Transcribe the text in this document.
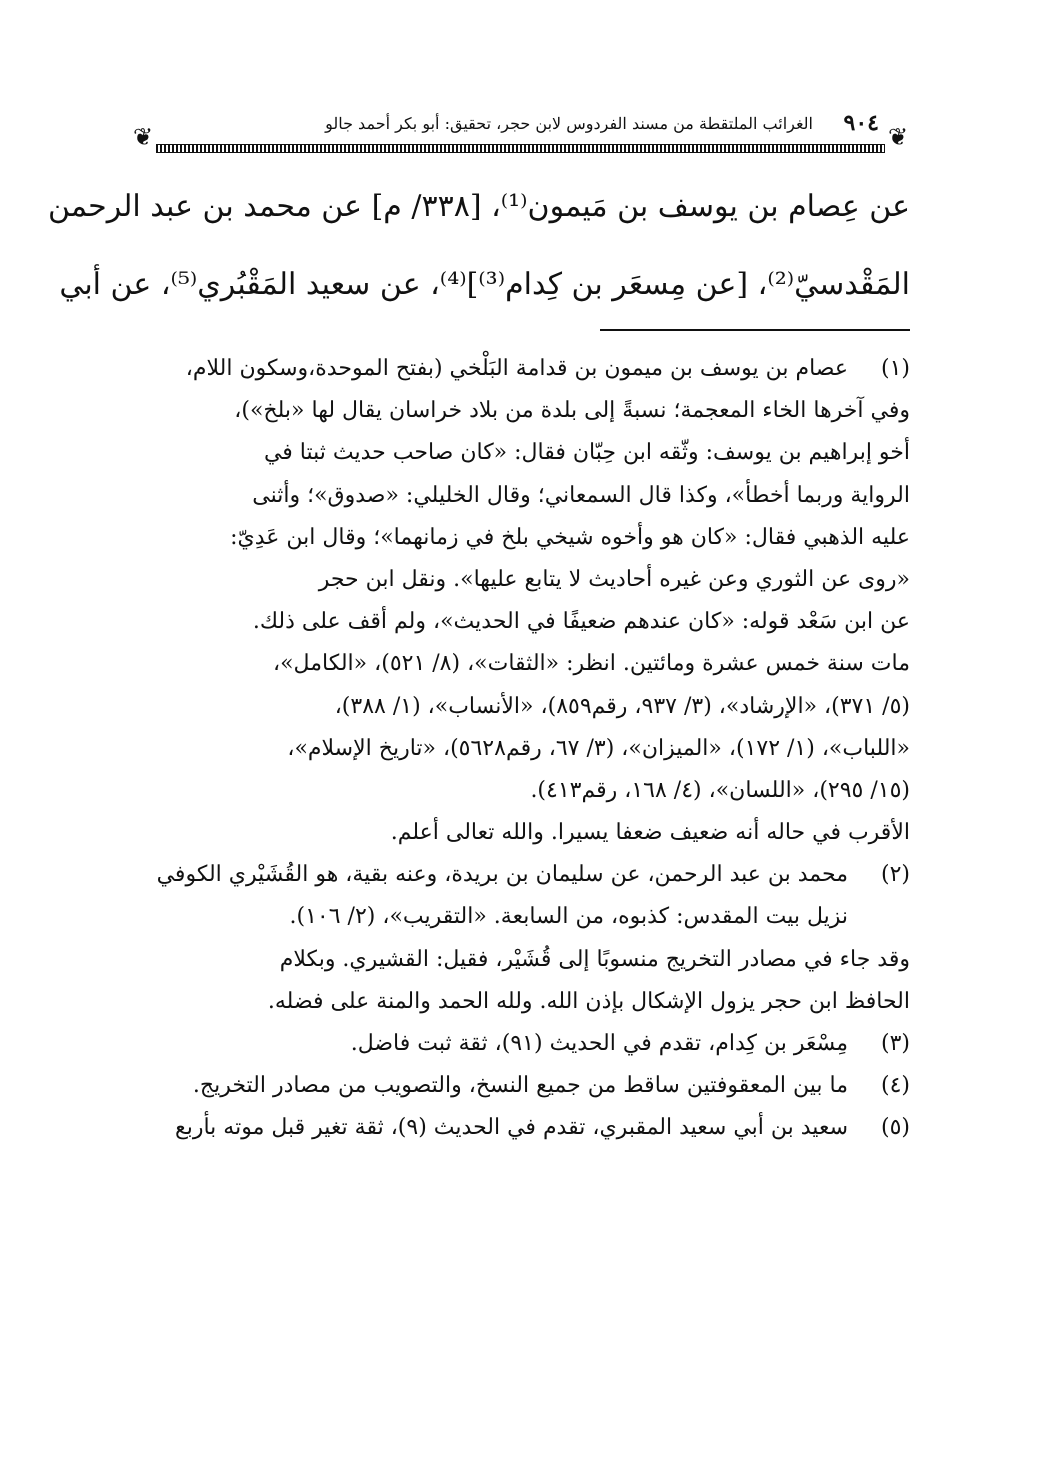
❦
٩٠٤
الغرائب الملتقطة من مسند الفردوس لابن حجر، تحقيق: أبو بكر أحمد جالو
❦

عن عِصام بن يوسف بن مَيمون⁽¹⁾، [٣٣٨/ م] عن محمد بن عبد الرحمن

المَقْدسيّ⁽²⁾، [عن مِسعَر بن كِدام⁽³⁾]⁽⁴⁾، عن سعيد المَقْبُري⁽⁵⁾، عن أبي

(١)
عصام بن يوسف بن ميمون بن قدامة البَلْخي (بفتح الموحدة،وسكون اللام،
وفي آخرها الخاء المعجمة؛ نسبةً إلى بلدة من بلاد خراسان يقال لها «بلخ»)،
أخو إبراهيم بن يوسف: وثّقه ابن حِبّان فقال: «كان صاحب حديث ثبتا في
الرواية وربما أخطأ»، وكذا قال السمعاني؛ وقال الخليلي: «صدوق»؛ وأثنى
عليه الذهبي فقال: «كان هو وأخوه شيخي بلخ في زمانهما»؛ وقال ابن عَدِيّ:
«روى عن الثوري وعن غيره أحاديث لا يتابع عليها». ونقل ابن حجر
عن ابن سَعْد قوله: «كان عندهم ضعيفًا في الحديث»، ولم أقف على ذلك.
مات سنة خمس عشرة ومائتين. انظر: «الثقات»، (٨/ ٥٢١)، «الكامل»،
(٥/ ٣٧١)، «الإرشاد»، (٣/ ٩٣٧، رقم٨٥٩)، «الأنساب»، (١/ ٣٨٨)،
«اللباب»، (١/ ١٧٢)، «الميزان»، (٣/ ٦٧، رقم٥٦٢٨)، «تاريخ الإسلام»،
(١٥/ ٢٩٥)، «اللسان»، (٤/ ١٦٨، رقم٤١٣).
الأقرب في حاله أنه ضعيف ضعفا يسيرا. والله تعالى أعلم.
(٢)
محمد بن عبد الرحمن، عن سليمان بن بريدة، وعنه بقية، هو القُشَيْري الكوفي
نزيل بيت المقدس: كذبوه، من السابعة. «التقريب»، (٢/ ١٠٦).
وقد جاء في مصادر التخريج منسوبًا إلى قُشَيْر، فقيل: القشيري. وبكلام
الحافظ ابن حجر يزول الإشكال بإذن الله. ولله الحمد والمنة على فضله.
(٣)
مِسْعَر بن كِدام، تقدم في الحديث (٩١)، ثقة ثبت فاضل.
(٤)
ما بين المعقوفتين ساقط من جميع النسخ، والتصويب من مصادر التخريج.
(٥)
سعيد بن أبي سعيد المقبري، تقدم في الحديث (٩)، ثقة تغير قبل موته بأربع
